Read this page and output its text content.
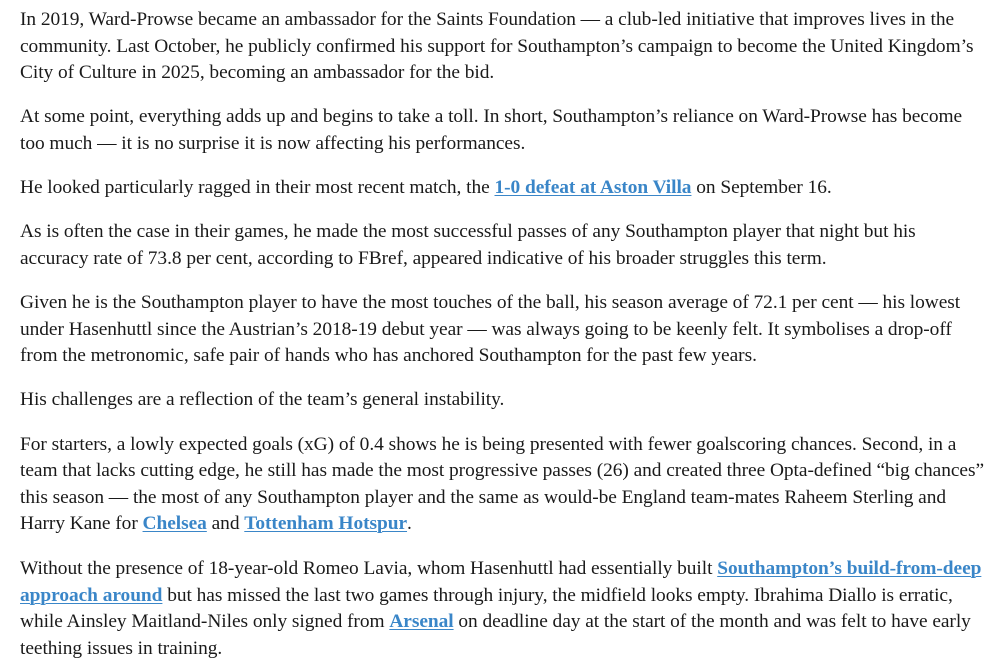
In 2019, Ward-Prowse became an ambassador for the Saints Foundation — a club-led initiative that improves lives in the community. Last October, he publicly confirmed his support for Southampton’s campaign to become the United Kingdom’s City of Culture in 2025, becoming an ambassador for the bid.

At some point, everything adds up and begins to take a toll. In short, Southampton’s reliance on Ward-Prowse has become too much — it is no surprise it is now affecting his performances.

He looked particularly ragged in their most recent match, the 1-0 defeat at Aston Villa on September 16.

As is often the case in their games, he made the most successful passes of any Southampton player that night but his accuracy rate of 73.8 per cent, according to FBref, appeared indicative of his broader struggles this term.

Given he is the Southampton player to have the most touches of the ball, his season average of 72.1 per cent — his lowest under Hasenhuttl since the Austrian’s 2018-19 debut year — was always going to be keenly felt. It symbolises a drop-off from the metronomic, safe pair of hands who has anchored Southampton for the past few years.

His challenges are a reflection of the team’s general instability.

For starters, a lowly expected goals (xG) of 0.4 shows he is being presented with fewer goalscoring chances. Second, in a team that lacks cutting edge, he still has made the most progressive passes (26) and created three Opta-defined “big chances” this season — the most of any Southampton player and the same as would-be England team-mates Raheem Sterling and Harry Kane for Chelsea and Tottenham Hotspur.

Without the presence of 18-year-old Romeo Lavia, whom Hasenhuttl had essentially built Southampton’s build-from-deep approach around but has missed the last two games through injury, the midfield looks empty. Ibrahima Diallo is erratic, while Ainsley Maitland-Niles only signed from Arsenal on deadline day at the start of the month and was felt to have early teething issues in training.
